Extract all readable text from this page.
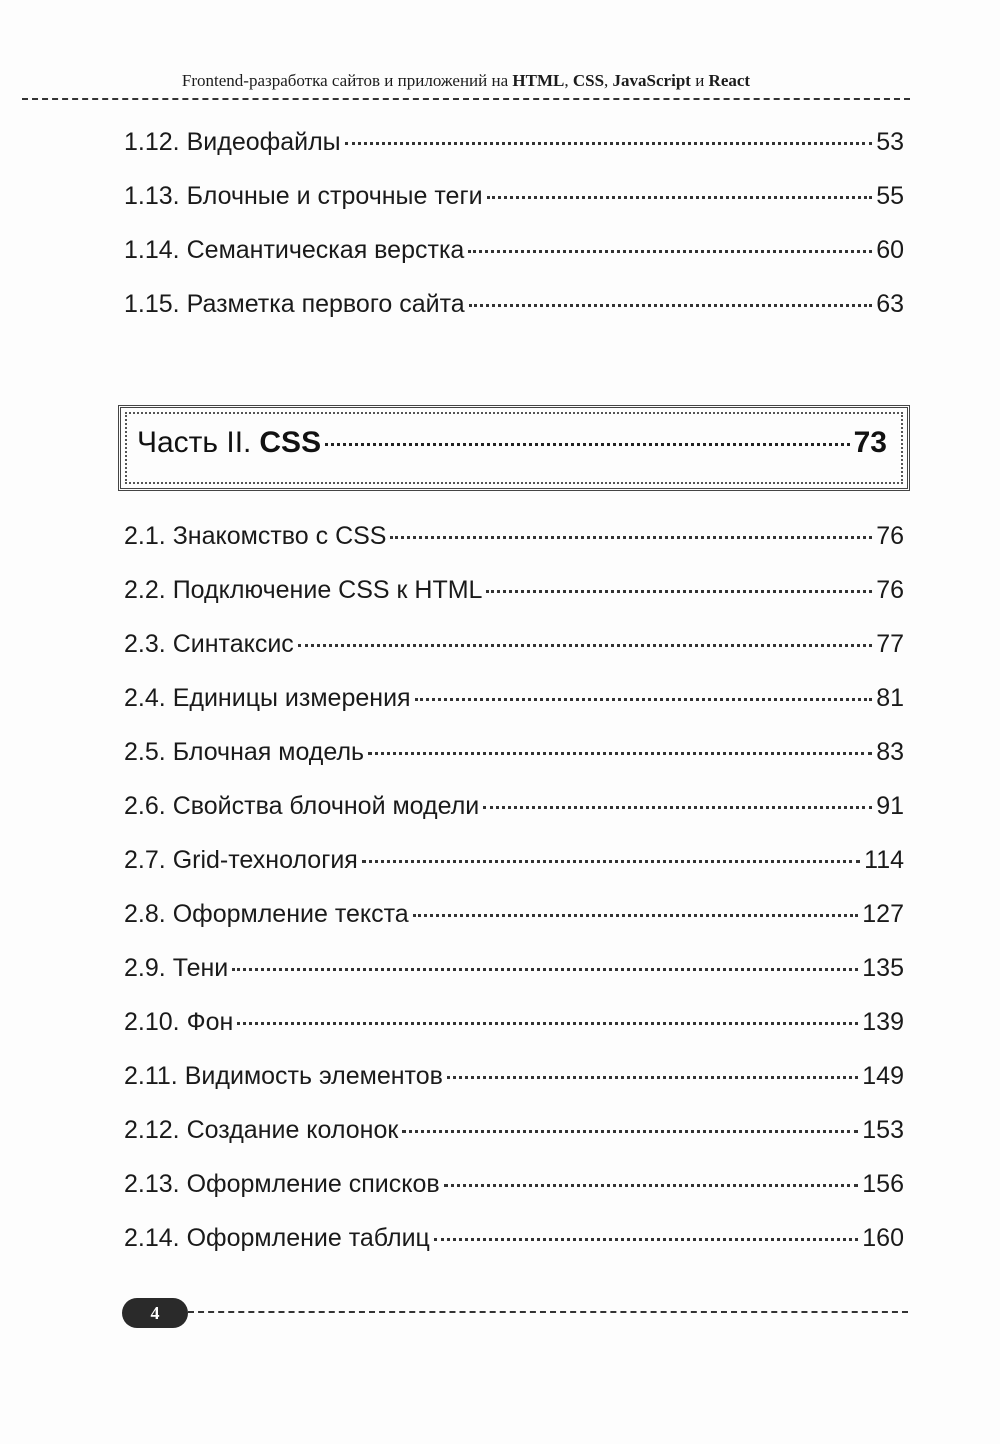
Frontend-разработка сайтов и приложений на HTML, CSS, JavaScript и React
1.12. Видеофайлы	53
1.13. Блочные и строчные теги	55
1.14. Семантическая верстка	60
1.15. Разметка первого сайта	63
Часть II. CSS	73
2.1. Знакомство с CSS	76
2.2. Подключение CSS к HTML	76
2.3. Синтаксис	77
2.4. Единицы измерения	81
2.5. Блочная модель	83
2.6. Свойства блочной модели	91
2.7. Grid-технология	114
2.8. Оформление текста	127
2.9. Тени	135
2.10. Фон	139
2.11. Видимость элементов	149
2.12. Создание колонок	153
2.13. Оформление списков	156
2.14. Оформление таблиц	160
4
